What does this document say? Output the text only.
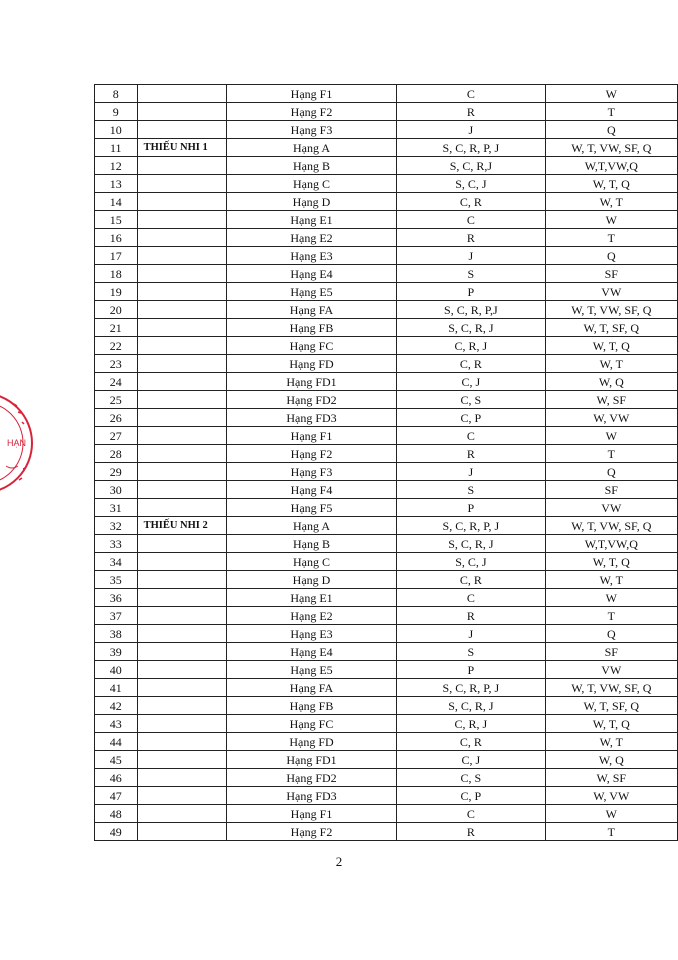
HẠN
8		Hạng F1	C	W
9		Hạng F2	R	T
10		Hạng F3	J	Q
11	THIẾU NHI 1	Hạng A	S, C, R, P, J	W, T, VW, SF, Q
12		Hạng B	S, C, R,J	W,T,VW,Q
13		Hạng C	S, C, J	W, T, Q
14		Hạng D	C, R	W, T
15		Hạng E1	C	W
16		Hạng E2	R	T
17		Hạng E3	J	Q
18		Hạng E4	S	SF
19		Hạng E5	P	VW
20		Hạng FA	S, C, R, P,J	W, T, VW, SF, Q
21		Hạng FB	S, C, R, J	W, T, SF, Q
22		Hạng FC	C, R, J	W, T, Q
23		Hạng FD	C, R	W, T
24		Hạng FD1	C, J	W, Q
25		Hạng FD2	C, S	W, SF
26		Hạng FD3	C, P	W, VW
27		Hạng F1	C	W
28		Hạng F2	R	T
29		Hạng F3	J	Q
30		Hạng F4	S	SF
31		Hạng F5	P	VW
32	THIẾU NHI 2	Hạng A	S, C, R, P, J	W, T, VW, SF, Q
33		Hạng B	S, C, R, J	W,T,VW,Q
34		Hạng C	S, C, J	W, T, Q
35		Hạng D	C, R	W, T
36		Hạng E1	C	W
37		Hạng E2	R	T
38		Hạng E3	J	Q
39		Hạng E4	S	SF
40		Hạng E5	P	VW
41		Hạng FA	S, C, R, P, J	W, T, VW, SF, Q
42		Hạng FB	S, C, R, J	W, T, SF, Q
43		Hạng FC	C, R, J	W, T, Q
44		Hạng FD	C, R	W, T
45		Hạng FD1	C, J	W, Q
46		Hạng FD2	C, S	W, SF
47		Hạng FD3	C, P	W, VW
48		Hạng F1	C	W
49		Hạng F2	R	T
2
